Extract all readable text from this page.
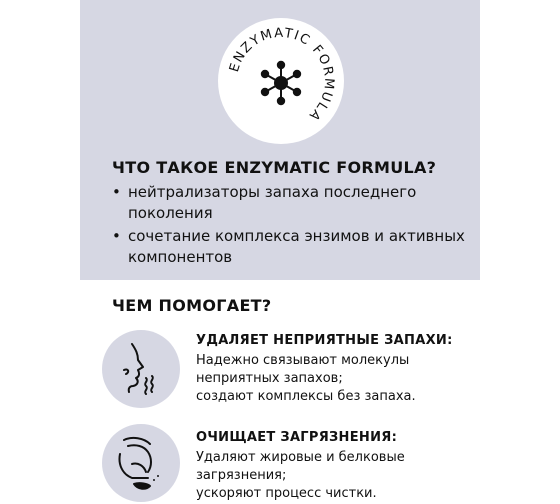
ENZYMATIC FORMULA
ЧТО ТАКОЕ ENZYMATIC FORMULA?
• нейтрализаторы запаха последнего поколения
• сочетание комплекса энзимов и активных компонентов
ЧЕМ ПОМОГАЕТ?
УДАЛЯЕТ НЕПРИЯТНЫЕ ЗАПАХИ:

Надежно связывают молекулы
неприятных запахов;
создают комплексы без запаха.

ОЧИЩАЕТ ЗАГРЯЗНЕНИЯ:

Удаляют жировые и белковые
загрязнения;
ускоряют процесс чистки.
